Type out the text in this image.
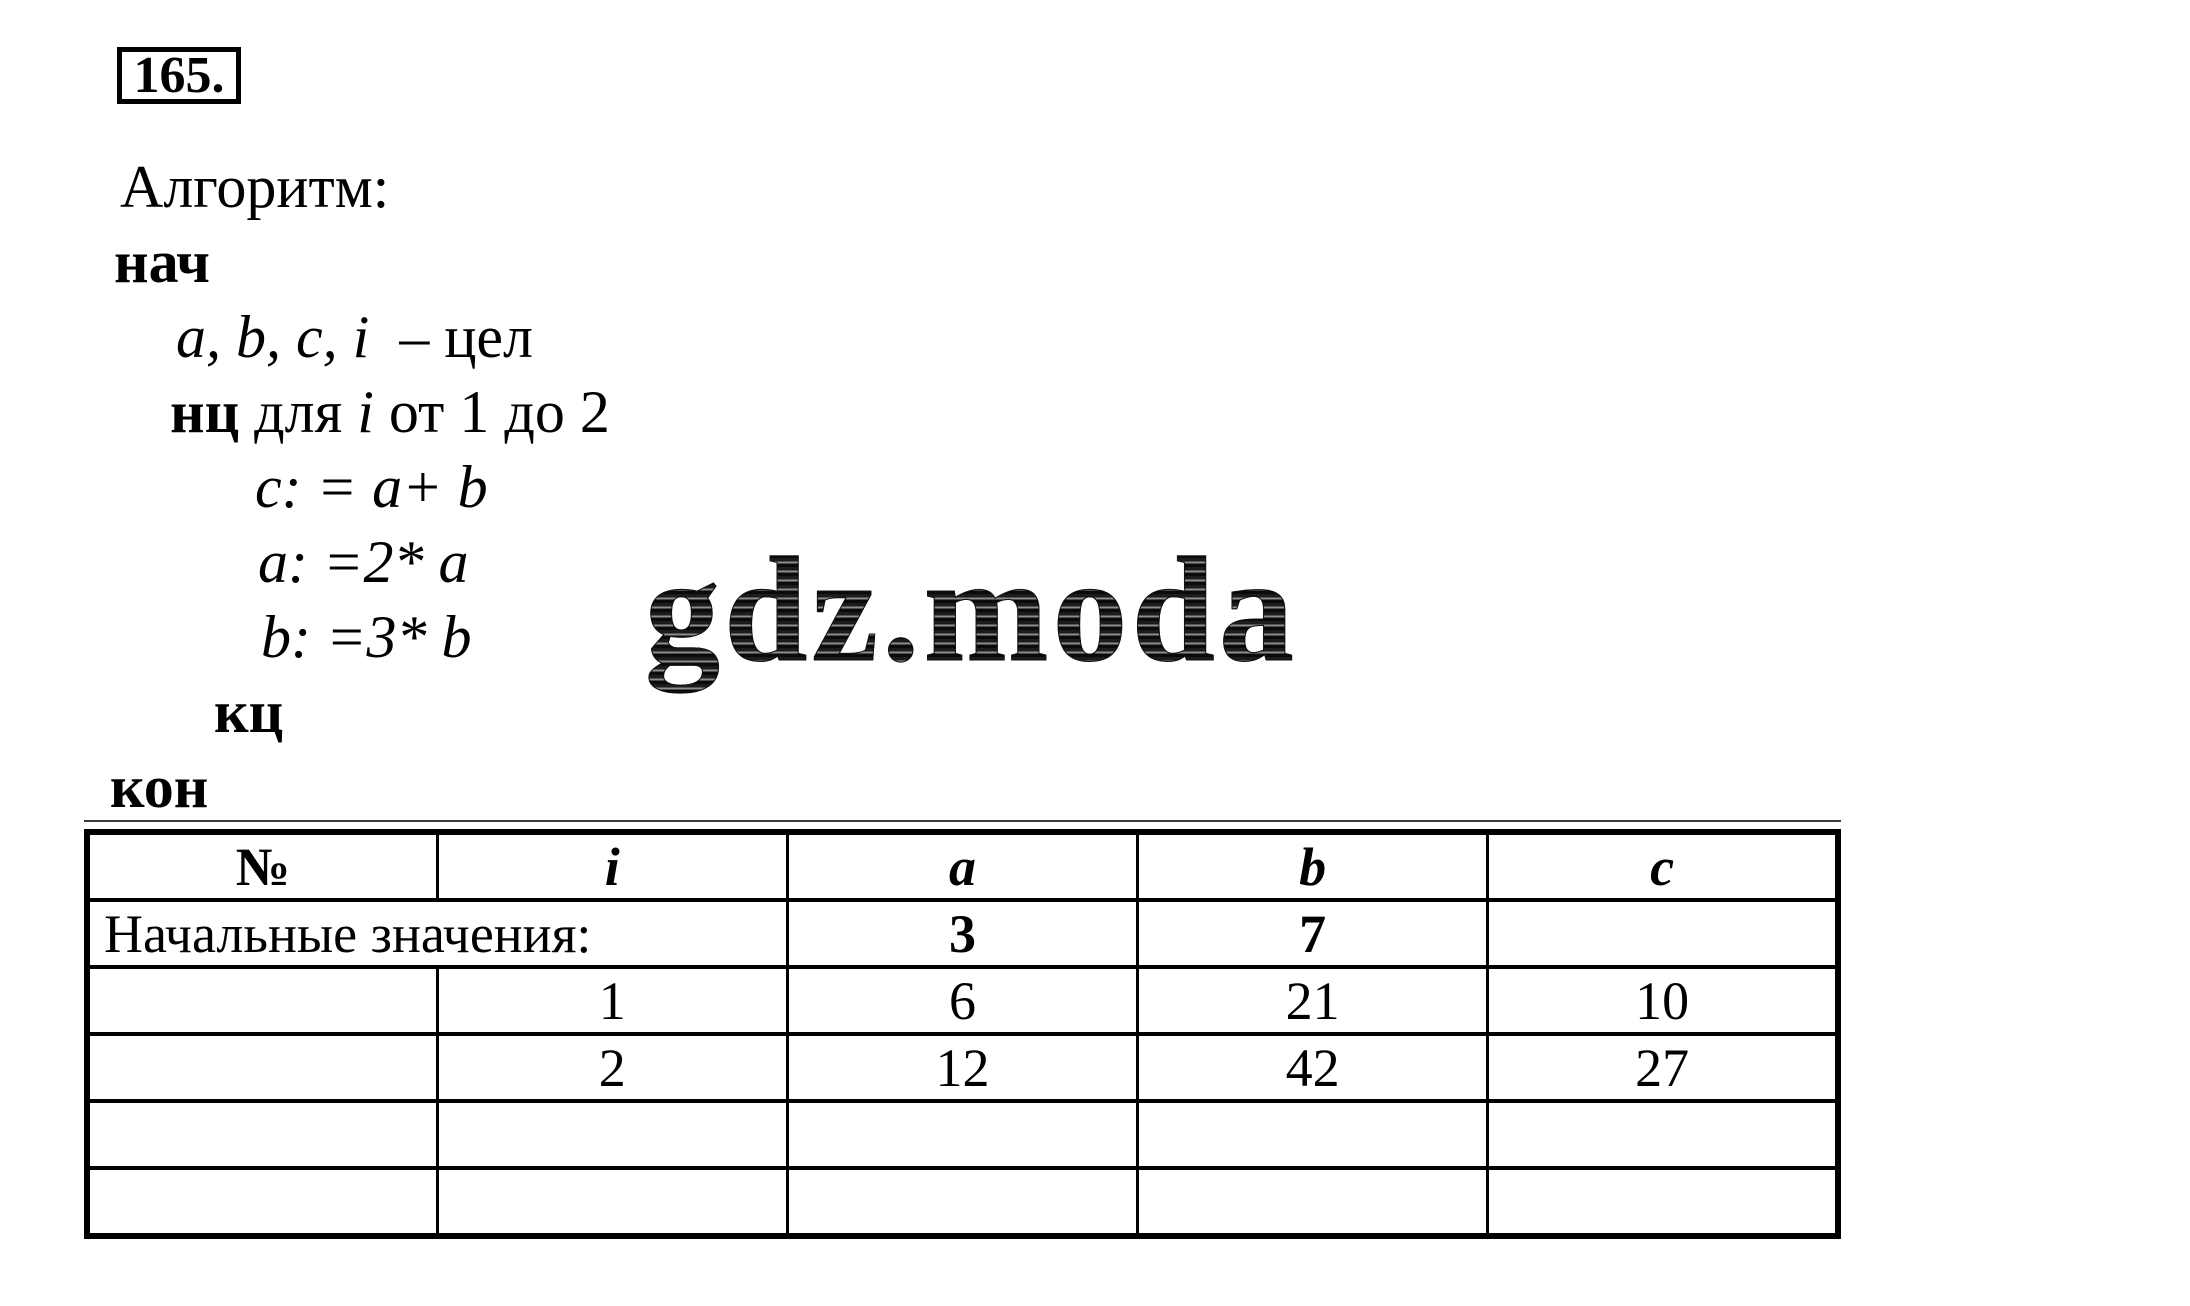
165.
Алгоритм:
нач
a, b, c, i  – цел
нц для i от 1 до 2
c: = a+ b
a: =2* a
b: =3* b
кц
кон
gdz.moda
№	i	a	b	c
Начальные значения:		3	7	
	1	6	21	10
	2	12	42	27
